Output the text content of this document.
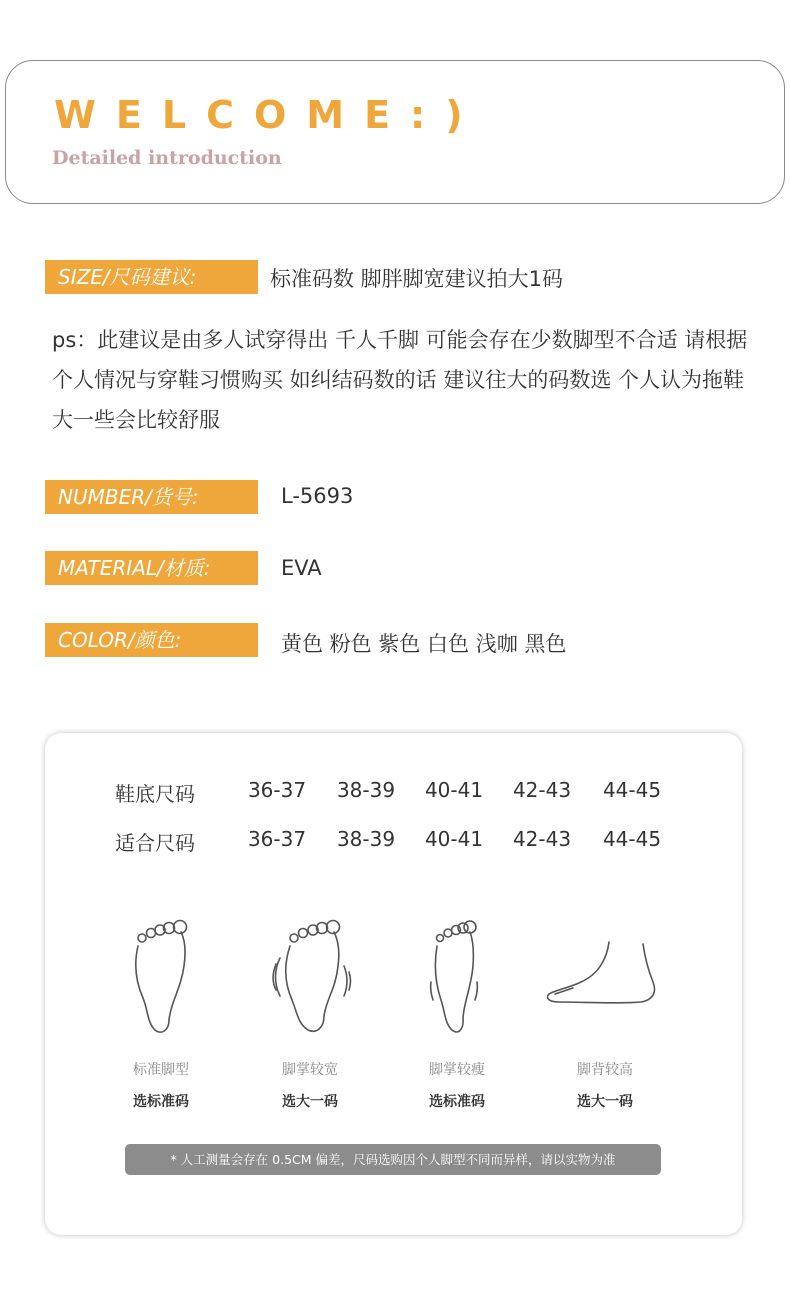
WELCOME:)
Detailed introduction
SIZE/尺码建议:	标准码数 脚胖脚宽建议拍大1码
ps：此建议是由多人试穿得出 千人千脚 可能会存在少数脚型不合适 请根据个人情况与穿鞋习惯购买 如纠结码数的话 建议往大的码数选 个人认为拖鞋大一些会比较舒服
NUMBER/货号:	L-5693
MATERIAL/材质:	EVA
COLOR/颜色:	黄色 粉色 紫色 白色 浅咖 黑色
鞋底尺码	36-37	38-39	40-41	42-43	44-45
适合尺码	36-37	38-39	40-41	42-43	44-45
标准脚型	脚掌较宽	脚掌较瘦	脚背较高
选标准码	选大一码	选标准码	选大一码
* 人工测量会存在 0.5CM 偏差，尺码选购因个人脚型不同而异样，请以实物为准
